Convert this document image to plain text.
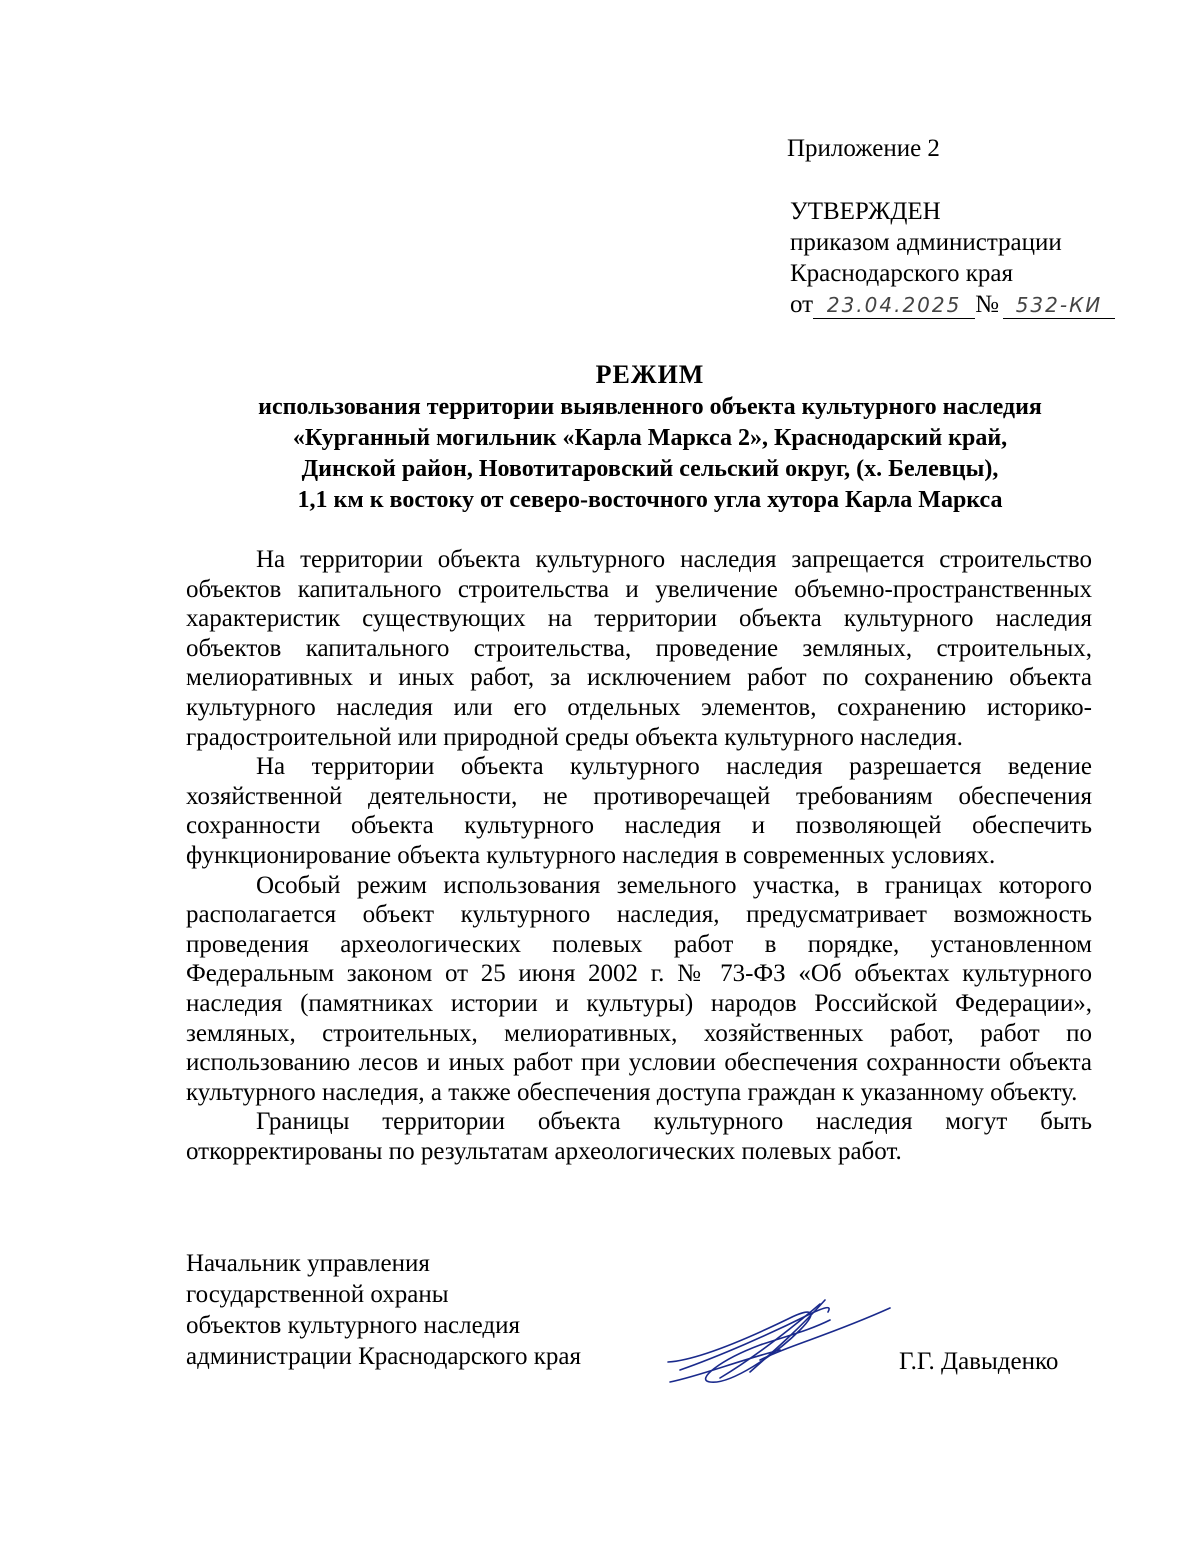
Приложение 2
УТВЕРЖДЕН
приказом администрации
Краснодарского края
от 23.04.2025 № 532-КИ
РЕЖИМ
использования территории выявленного объекта культурного наследия
«Курганный могильник «Карла Маркса 2», Краснодарский край,
Динской район, Новотитаровский сельский округ, (х. Белевцы),
1,1 км к востоку от северо-восточного угла хутора Карла Маркса

На территории объекта культурного наследия запрещается строительство объектов капитального строительства и увеличение объемно-пространственных характеристик существующих на территории объекта культурного наследия объектов капитального строительства, проведение земляных, строительных, мелиоративных и иных работ, за исключением работ по сохранению объекта культурного наследия или его отдельных элементов, сохранению историко-градостроительной или природной среды объекта культурного наследия.

На территории объекта культурного наследия разрешается ведение хозяйственной деятельности, не противоречащей требованиям обеспечения сохранности объекта культурного наследия и позволяющей обеспечить функционирование объекта культурного наследия в современных условиях.

Особый режим использования земельного участка, в границах которого располагается объект культурного наследия, предусматривает возможность проведения археологических полевых работ в порядке, установленном Федеральным законом от 25 июня 2002 г. № 73-ФЗ «Об объектах культурного наследия (памятниках истории и культуры) народов Российской Федерации», земляных, строительных, мелиоративных, хозяйственных работ, работ по использованию лесов и иных работ при условии обеспечения сохранности объекта культурного наследия, а также обеспечения доступа граждан к указанному объекту.

Границы территории объекта культурного наследия могут быть откорректированы по результатам археологических полевых работ.

Начальник управления
государственной охраны
объектов культурного наследия
администрации Краснодарского края	Г.Г. Давыденко
